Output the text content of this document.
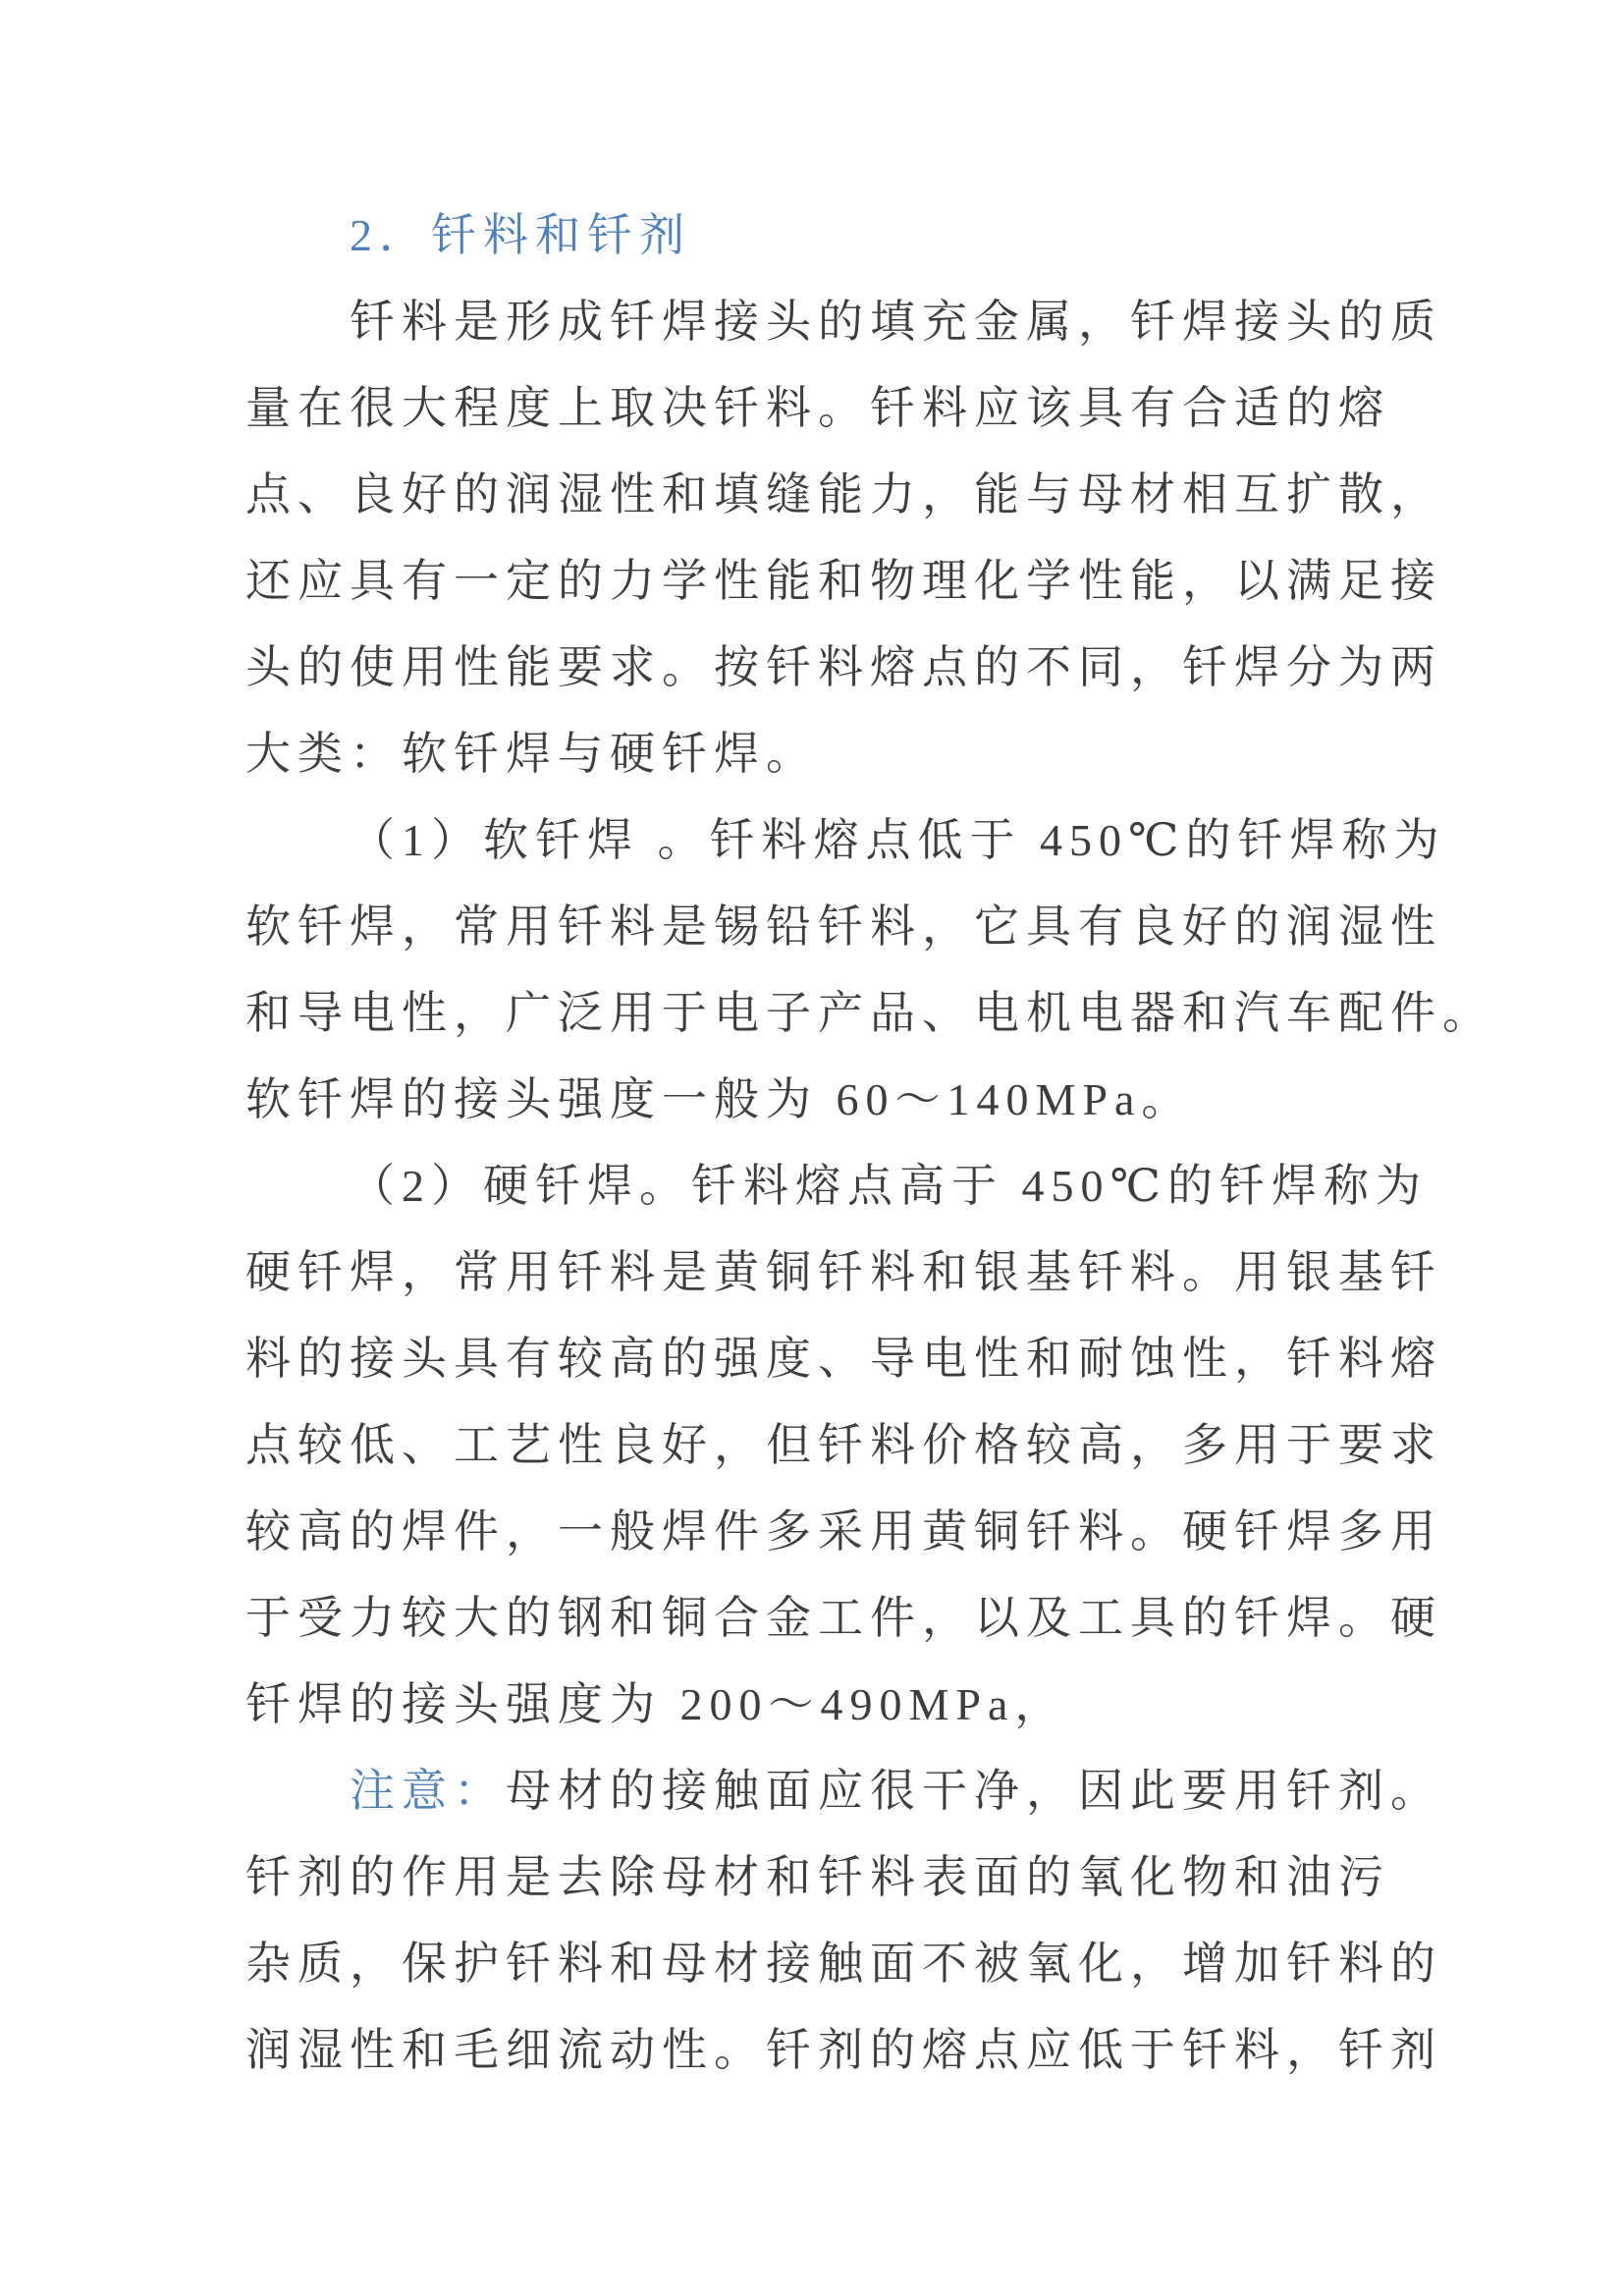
2．钎料和钎剂
钎料是形成钎焊接头的填充金属，钎焊接头的质
量在很大程度上取决钎料。钎料应该具有合适的熔
点、良好的润湿性和填缝能力，能与母材相互扩散，
还应具有一定的力学性能和物理化学性能，以满足接
头的使用性能要求。按钎料熔点的不同，钎焊分为两
大类：软钎焊与硬钎焊。
（1）软钎焊 。钎料熔点低于 450℃的钎焊称为
软钎焊，常用钎料是锡铅钎料，它具有良好的润湿性
和导电性，广泛用于电子产品、电机电器和汽车配件。
软钎焊的接头强度一般为 60～140MPa。
（2）硬钎焊。钎料熔点高于 450℃的钎焊称为
硬钎焊，常用钎料是黄铜钎料和银基钎料。用银基钎
料的接头具有较高的强度、导电性和耐蚀性，钎料熔
点较低、工艺性良好，但钎料价格较高，多用于要求
较高的焊件，一般焊件多采用黄铜钎料。硬钎焊多用
于受力较大的钢和铜合金工件，以及工具的钎焊。硬
钎焊的接头强度为 200～490MPa，
注意：母材的接触面应很干净，因此要用钎剂。
钎剂的作用是去除母材和钎料表面的氧化物和油污
杂质，保护钎料和母材接触面不被氧化，增加钎料的
润湿性和毛细流动性。钎剂的熔点应低于钎料，钎剂
